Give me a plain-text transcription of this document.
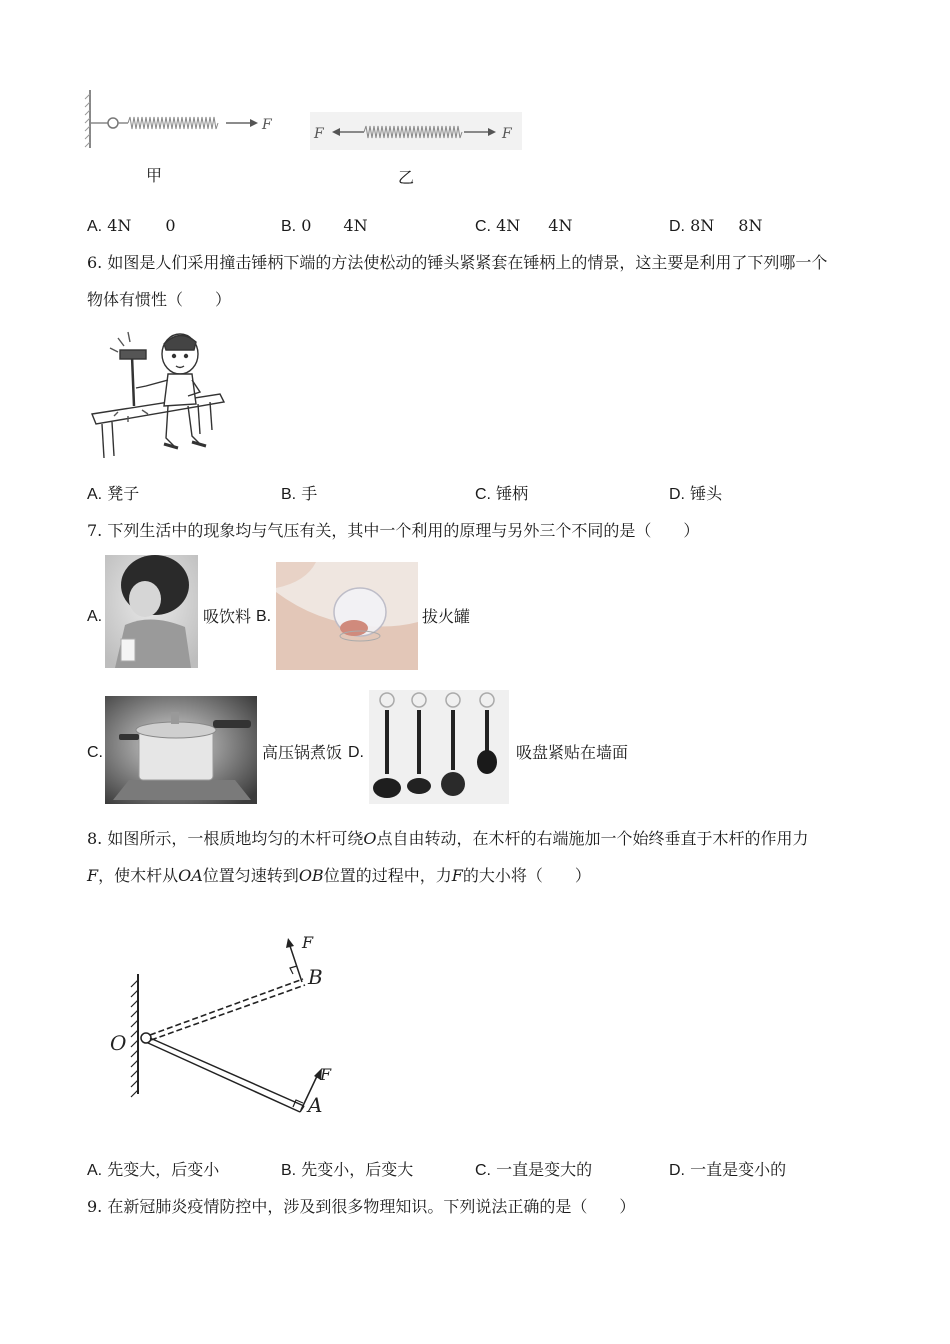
F
甲
F	F
乙
A. 4N 0	B. 0 4N	C. 4N 4N	D. 8N 8N
6. 如图是人们采用撞击锤柄下端的方法使松动的锤头紧紧套在锤柄上的情景，这主要是利用了下列哪一个
物体有惯性（　　）
A. 凳子	B. 手	C. 锤柄	D. 锤头
7. 下列生活中的现象均与气压有关，其中一个利用的原理与另外三个不同的是（　　）
A.	吸饮料 B.	拔火罐
C.	高压锅煮饭 D.	吸盘紧贴在墙面
8. 如图所示，一根质地均匀的木杆可绕O点自由转动，在木杆的右端施加一个始终垂直于木杆的作用力
F，使木杆从OA位置匀速转到OB位置的过程中，力F的大小将（　　）
O
A
F
B
F
A. 先变大，后变小	B. 先变小，后变大	C. 一直是变大的	D. 一直是变小的
9. 在新冠肺炎疫情防控中，涉及到很多物理知识。下列说法正确的是（　　）
